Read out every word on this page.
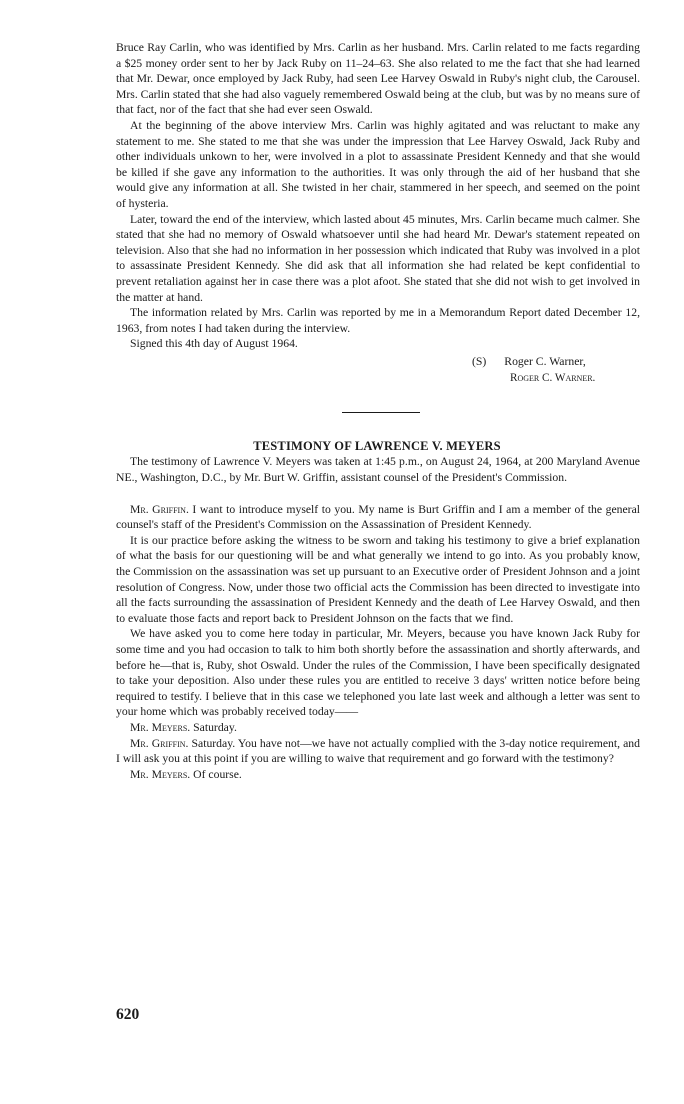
Bruce Ray Carlin, who was identified by Mrs. Carlin as her husband. Mrs. Carlin related to me facts regarding a $25 money order sent to her by Jack Ruby on 11–24–63. She also related to me the fact that she had learned that Mr. Dewar, once employed by Jack Ruby, had seen Lee Harvey Oswald in Ruby's night club, the Carousel. Mrs. Carlin stated that she had also vaguely remembered Oswald being at the club, but was by no means sure of that fact, nor of the fact that she had ever seen Oswald.

At the beginning of the above interview Mrs. Carlin was highly agitated and was reluctant to make any statement to me. She stated to me that she was under the impression that Lee Harvey Oswald, Jack Ruby and other individuals unkown to her, were involved in a plot to assassinate President Kennedy and that she would be killed if she gave any information to the authorities. It was only through the aid of her husband that she would give any information at all. She twisted in her chair, stammered in her speech, and seemed on the point of hysteria.

Later, toward the end of the interview, which lasted about 45 minutes, Mrs. Carlin became much calmer. She stated that she had no memory of Oswald whatsoever until she had heard Mr. Dewar's statement repeated on television. Also that she had no information in her possession which indicated that Ruby was involved in a plot to assassinate President Kennedy. She did ask that all information she had related be kept confidential to prevent retaliation against her in case there was a plot afoot. She stated that she did not wish to get involved in the matter at hand.

The information related by Mrs. Carlin was reported by me in a Memorandum Report dated December 12, 1963, from notes I had taken during the interview.

Signed this 4th day of August 1964.

(S) Roger C. Warner,
Roger C. Warner.
TESTIMONY OF LAWRENCE V. MEYERS

The testimony of Lawrence V. Meyers was taken at 1:45 p.m., on August 24, 1964, at 200 Maryland Avenue NE., Washington, D.C., by Mr. Burt W. Griffin, assistant counsel of the President's Commission.

Mr. Griffin. I want to introduce myself to you. My name is Burt Griffin and I am a member of the general counsel's staff of the President's Commission on the Assassination of President Kennedy.

It is our practice before asking the witness to be sworn and taking his testimony to give a brief explanation of what the basis for our questioning will be and what generally we intend to go into. As you probably know, the Commission on the assassination was set up pursuant to an Executive order of President Johnson and a joint resolution of Congress. Now, under those two official acts the Commission has been directed to investigate into all the facts surrounding the assassination of President Kennedy and the death of Lee Harvey Oswald, and then to evaluate those facts and report back to President Johnson on the facts that we find.

We have asked you to come here today in particular, Mr. Meyers, because you have known Jack Ruby for some time and you had occasion to talk to him both shortly before the assassination and shortly afterwards, and before he—that is, Ruby, shot Oswald. Under the rules of the Commission, I have been specifically designated to take your deposition. Also under these rules you are entitled to receive 3 days' written notice before being required to testify. I believe that in this case we telephoned you late last week and although a letter was sent to your home which was probably received today——

Mr. Meyers. Saturday.

Mr. Griffin. Saturday. You have not—we have not actually complied with the 3-day notice requirement, and I will ask you at this point if you are willing to waive that requirement and go forward with the testimony?

Mr. Meyers. Of course.

620
